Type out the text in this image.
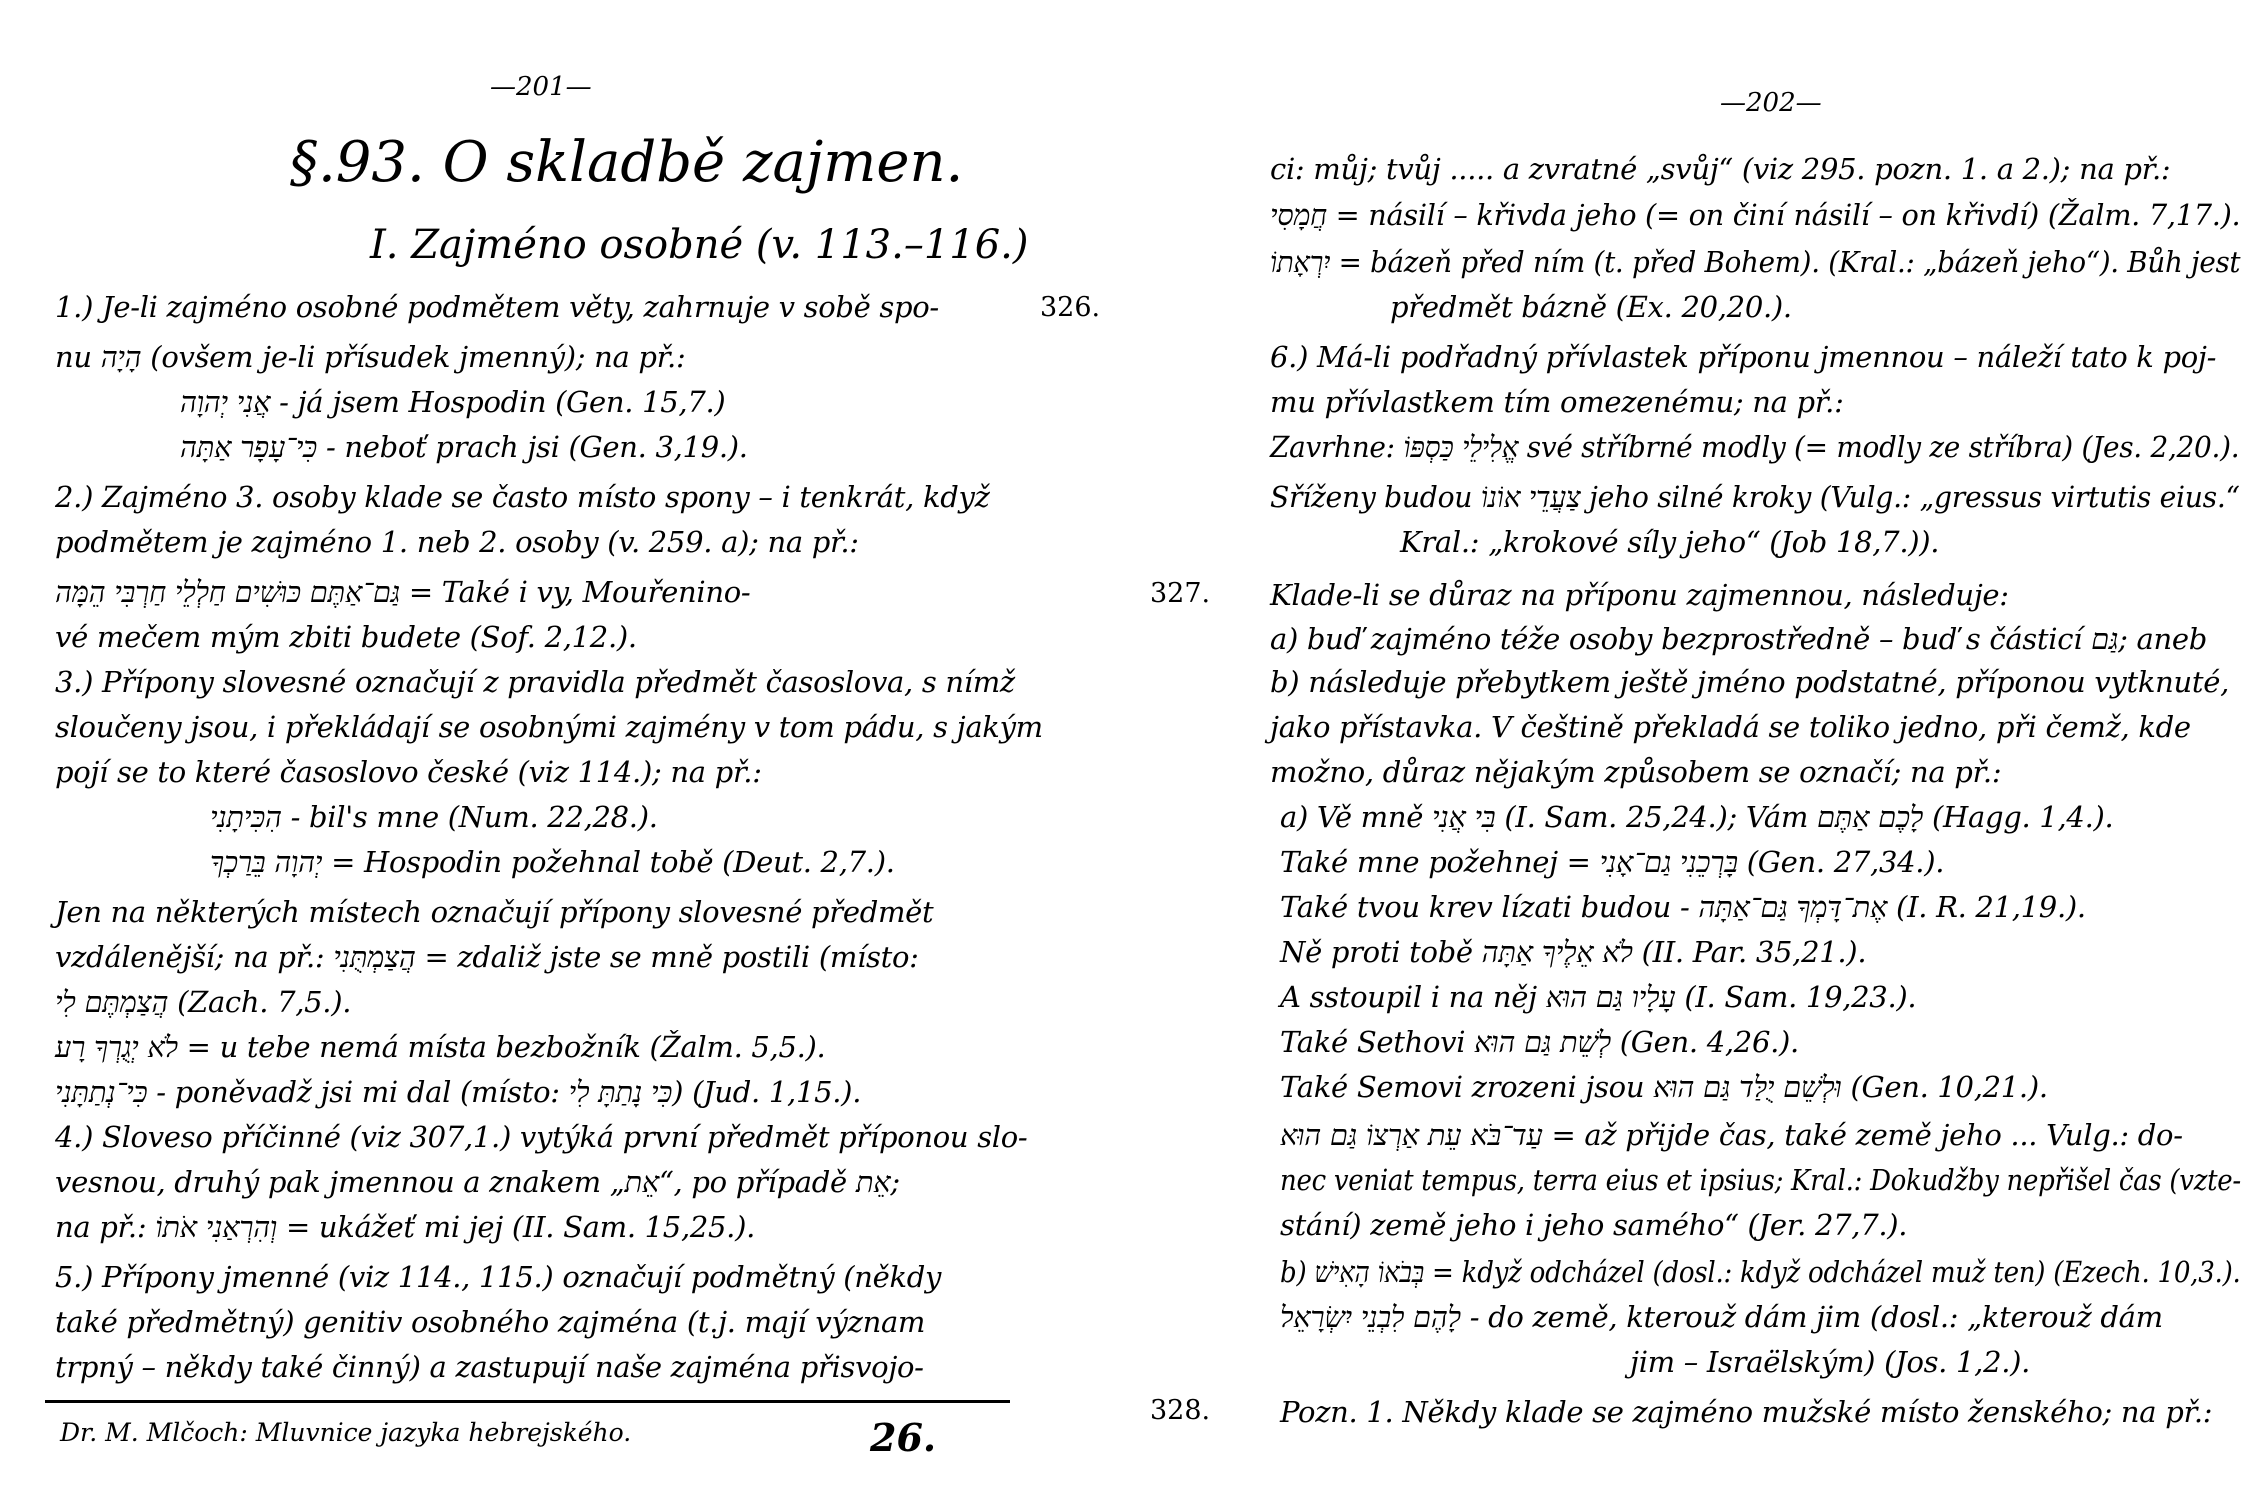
—201—
§.93. O skladbě zajmen.
I. Zajméno osobné (v. 113.–116.)
326.
1.) Je-li zajméno osobné podmětem věty, zahrnuje v sobě spo-
nu הָיָה (ovšem je-li přísudek jmenný); na př.:
אֲנִי יְהוָה - já jsem Hospodin (Gen. 15,7.)
כִּי־עָפָר אַתָּה - neboť prach jsi (Gen. 3,19.).
2.) Zajméno 3. osoby klade se často místo spony – i tenkrát, když
podmětem je zajméno 1. neb 2. osoby (v. 259. a); na př.:
גַּם־אַתֶּם כּוּשִׁים חַלְלֵי חַרְבִּי הֵמָּה = Také i vy, Mouřenino-
vé mečem mým zbiti budete (Sof. 2,12.).
3.) Přípony slovesné označují z pravidla předmět časoslova, s nímž
sloučeny jsou, i překládají se osobnými zajmény v tom pádu, s jakým
pojí se to které časoslovo české (viz 114.); na př.:
הִכִּיתָנִי - bil's mne (Num. 22,28.).
יְהוָה בֵּרַכְךָ = Hospodin požehnal tobě (Deut. 2,7.).
Jen na některých místech označují přípony slovesné předmět
vzdálenější; na př.: הֲצַמְתֻּנִי = zdaliž jste se mně postili (místo:
הֲצַמְתֶּם לִי (Zach. 7,5.).
לֹא יְגֻרְךָ רָע = u tebe nemá místa bezbožník (Žalm. 5,5.).
כִּי־נְתַתָּנִי - poněvadž jsi mi dal (místo: כִּי נָתַתָּ לִי) (Jud. 1,15.).
4.) Sloveso příčinné (viz 307,1.) vytýká první předmět příponou slo-
vesnou, druhý pak jmennou a znakem „אֵת“, po případě אֵת;
na př.: וְהִרְאַנִי אֹתוֹ = ukážeť mi jej (II. Sam. 15,25.).
5.) Přípony jmenné (viz 114., 115.) označují podmětný (někdy
také předmětný) genitiv osobného zajména (t.j. mají význam
trpný – někdy také činný) a zastupují naše zajména přisvojo-
Dr. M. Mlčoch: Mluvnice jazyka hebrejského.	26.
—202—
327.
328.
ci: můj; tvůj ..... a zvratné „svůj“ (viz 295. pozn. 1. a 2.); na př.:
חֲמָסִי = násilí – křivda jeho (= on činí násilí – on křivdí) (Žalm. 7,17.).
יִרְאָתוֹ = bázeň před ním (t. před Bohem). (Kral.: „bázeň jeho“). Bůh jest
předmět bázně (Ex. 20,20.).
6.) Má-li podřadný přívlastek příponu jmennou – náleží tato k poj-
mu přívlastkem tím omezenému; na př.:
Zavrhne: אֱלִילֵי כַּסְפּוֹ své stříbrné modly (= modly ze stříbra) (Jes. 2,20.).
Sříženy budou צַעֲדֵי אוֹנוֹ jeho silné kroky (Vulg.: „gressus virtutis eius.“
Kral.: „krokové síly jeho“ (Job 18,7.)).
Klade-li se důraz na příponu zajmennou, následuje:
a) buď zajméno téže osoby bezprostředně – buď s částicí גַּם; aneb
b) následuje přebytkem ještě jméno podstatné, příponou vytknuté,
jako přístavka. V češtině překladá se toliko jedno, při čemž, kde
možno, důraz nějakým způsobem se označí; na př.:
a) Vě mně בִּי אֲנִי (I. Sam. 25,24.); Vám לָכֶם אַתֶּם (Hagg. 1,4.).
Také mne požehnej = בָּרְכֵנִי גַם־אָנִי (Gen. 27,34.).
Také tvou krev lízati budou - אֶת־דָּמְךָ גַּם־אַתָּה (I. R. 21,19.).
Ně proti tobě לֹא אֵלֶיךָ אַתָּה (II. Par. 35,21.).
A sstoupil i na něj עָלָיו גַּם הוּא (I. Sam. 19,23.).
Také Sethovi לְשֵׁת גַּם הוּא (Gen. 4,26.).
Také Semovi zrozeni jsou וּלְשֵׁם יֻלַּד גַּם הוּא (Gen. 10,21.).
עַד־בֹּא עֵת אַרְצוֹ גַּם הוּא = až přijde čas, také země jeho ... Vulg.: do-
nec veniat tempus, terra eius et ipsius; Kral.: Dokudžby nepřišel čas (vzte-
stání) země jeho i jeho samého“ (Jer. 27,7.).
b) בְּבֹאוֹ הָאִישׁ = když odcházel (dosl.: když odcházel muž ten) (Ezech. 10,3.).
לָהֶם לִבְנֵי יִשְׂרָאֵל - do země, kterouž dám jim (dosl.: „kterouž dám
jim – Israëlským) (Jos. 1,2.).
Pozn. 1. Někdy klade se zajméno mužské místo ženského; na př.:
